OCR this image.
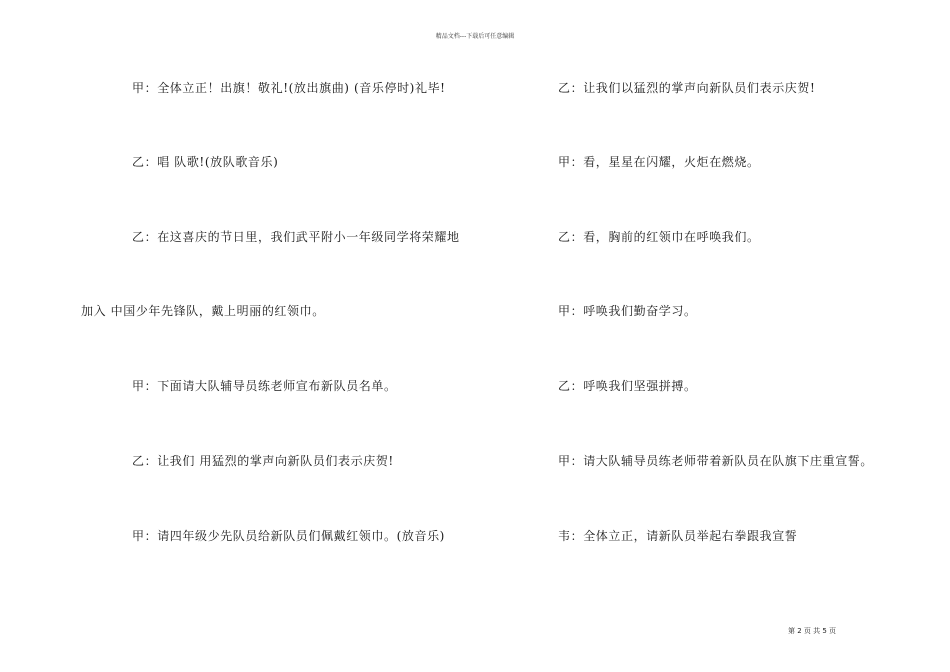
精品文档---下载后可任意编辑
甲：全体立正！出旗！敬礼!(放出旗曲) (音乐停时)礼毕!
乙：唱 队歌!(放队歌音乐)
乙：在这喜庆的节日里，我们武平附小一年级同学将荣耀地
加入 中国少年先锋队，戴上明丽的红领巾。
甲：下面请大队辅导员练老师宣布新队员名单。
乙：让我们 用猛烈的掌声向新队员们表示庆贺!
甲：请四年级少先队员给新队员们佩戴红领巾。(放音乐)
乙：让我们以猛烈的掌声向新队员们表示庆贺!
甲：看，星星在闪耀，火炬在燃烧。
乙：看，胸前的红领巾在呼唤我们。
甲：呼唤我们勤奋学习。
乙：呼唤我们坚强拼搏。
甲：请大队辅导员练老师带着新队员在队旗下庄重宣誓。
韦：全体立正，请新队员举起右拳跟我宣誓
第 2 页 共 5 页
